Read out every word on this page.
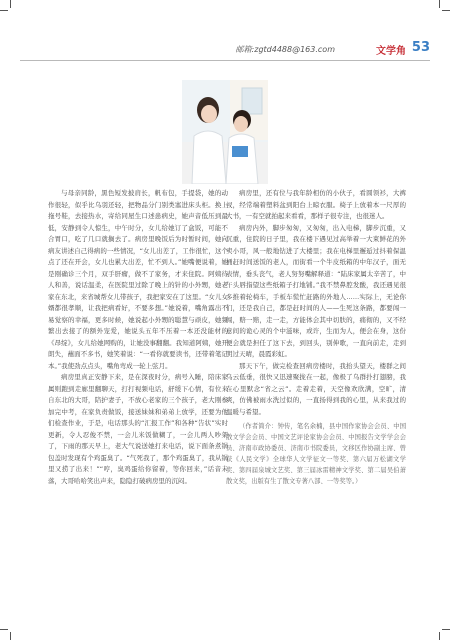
邮箱:zgtd4488@163.com	文学角 53

与母亲同龄，黑色短发披肩长，帆布包，手提袋，她的动作很轻，似乎比乌羽还轻，把物品分门别类塞进床头柜。换上拖号鞋，去接热水，寄给同屋生口述患病史，她声音低压到最低，安静到令人惊生，中午时分，女儿给她订了盒饭，可能不合胃口，吃了几口就搁去了。病房里晚饭后为时暂时间，她向病友讲述自己得病的一些情况，“女儿出差了，工作很忙，这个点了还在开会，女儿也累大出差，忙不到人。”她嘴便说着，她是刚确诊三个月，双手肝瘤，做不了家务，才来住院。阿姨待人和善，说话温柔，在医院里过除了晚上的针的小外甥，她老家在东北，来省城帮女儿带孩子，我把家安在了这里。“女儿女婿都很孝顺，让我把病看好，不要多想。”她说着，嘴角露出不易觉察的幸福，更多时候，她说起小外甥的聪慧与顽皮，她频繁出去接了的额外宠爱，她说头五年不压着一本还没能材的《昂绽》，女儿给她网购的，让她没事翻翻。我知道阿姨，她开朗失，蘸面不多书，她笑着说：“一看你就要读书，还带着笔记本。”我使劲点点头，嘴角弯成一轮上弦月。

病房里真正安静下来，是在深夜时分，病号入睡，陪床家属则跑到走廊里翻聊天，打打视频电话，舒缓下心情，有位来自东北的大哥，陪护妻子，不放心老家的三个孩子，老大刚参加完中考，在家负责做饭，接送妹妹和弟弟上放学，还要为他们检查作业，于是，电话那头的“汇报工作”和各种“告状”实时更新，令人忍俊不禁，一会儿米饭做糊了，一会儿两人吵架了，下雨的那天早上，老大气说送她打来电话，说下面条煮锅包盖时发现有个鸡蛋臭了。“气死我了，那个鸡蛋臭了，我从锅里又捞了出来！”“哼，臭鸡蛋给你留着，等你回来，”话音未落，大哥哈哈笑出声来，隐隐打破病房里的沉闷。

病房里，还有位与我年龄相仿的小伙子，看圆领衫，大裤衩，经常端着塑料盆到阳台上晾衣服。椅子上放着本一尺厚的大书，一有空就拍起来看看，那样子很专注，也很迷人。

病房内外，脚步匆匆，又匆匆，出入电梯，脚步沉重，又沉重，住院的日子里，我在楼下遇见过高举着一大束鲜花的外卖小哥，风一般地钻进了大楼里；我在电梯里邂逅过抖着保温桶赶时间送饭的老人，而街看一个牛皮纸箱的中年汉子，面无表情，垂头丧气，老人努努嘴解释道：“陆床家属太辛苦了，中午头唇指望这些纸箱子打地铺。”我不禁鼻腔发酸，我还遇见很多推着轮椅车，手板车慌忙赶路的外地人……实际上，无论你们，还是我自己，都是赶时间的人——生死这条路，都要闯一闯，赔一赔，走一走，方能体会其中切肤的，痛彻的，又不经意间的诡心灵的个中滋味，或许，生而为人，便会在身，这份便会就是担任了这下去，到回头，别伸歌，一直向前走，走到明过天晴，晨霞彩虹。

那天下午，做完检查回病房楼时，我抬头望天，楼群之间乌云低垂，很快又迅速聚拢在一起，像极了乌群扑打翅膀，我在心里默念“省之云”。走着走着，天空像欢欣满，空旷，清爽，仿佛被雨水洗过似的，一直扬得到我的心里，从来我过的温暖与希望。

（作者简介：钟传，笔名余楠，县中国作家协会会员、中国散文学会会员、中国文艺评论家协会会员、中国报告文学学会会员、济南市政协委员、济南市书院委员，文移区作协副主席、曾获《人民文学》全球华人文学征文一等奖、第六届万松湖文学奖、第四届泉城文艺奖、第三届冰雷精神文学奖、第二届吴伯萧散文奖，出版有生了散文专著八部、一等奖等。）
